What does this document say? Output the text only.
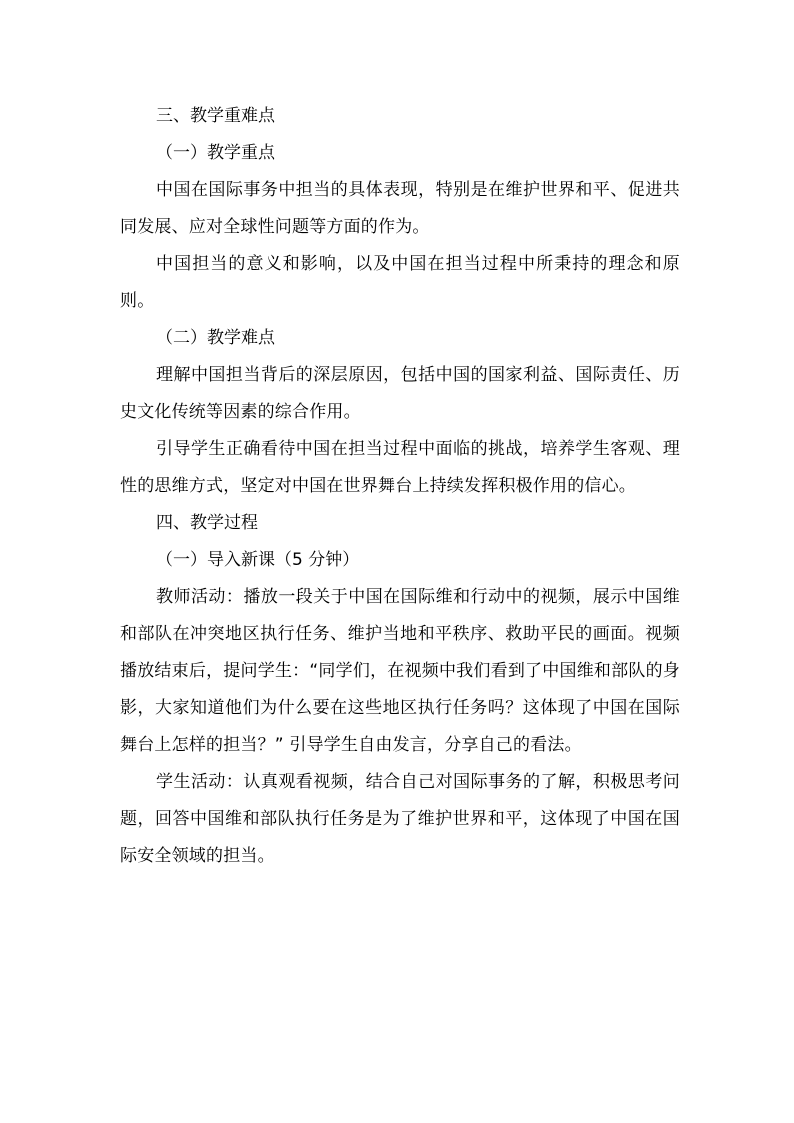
三、教学重难点

（一）教学重点

中国在国际事务中担当的具体表现，特别是在维护世界和平、促进共同发展、应对全球性问题等方面的作为。

中国担当的意义和影响，以及中国在担当过程中所秉持的理念和原则。

（二）教学难点

理解中国担当背后的深层原因，包括中国的国家利益、国际责任、历史文化传统等因素的综合作用。

引导学生正确看待中国在担当过程中面临的挑战，培养学生客观、理性的思维方式，坚定对中国在世界舞台上持续发挥积极作用的信心。

四、教学过程

（一）导入新课（5 分钟）

教师活动：播放一段关于中国在国际维和行动中的视频，展示中国维和部队在冲突地区执行任务、维护当地和平秩序、救助平民的画面。视频播放结束后，提问学生：“同学们，在视频中我们看到了中国维和部队的身影，大家知道他们为什么要在这些地区执行任务吗？这体现了中国在国际舞台上怎样的担当？” 引导学生自由发言，分享自己的看法。

学生活动：认真观看视频，结合自己对国际事务的了解，积极思考问题，回答中国维和部队执行任务是为了维护世界和平，这体现了中国在国际安全领域的担当。
